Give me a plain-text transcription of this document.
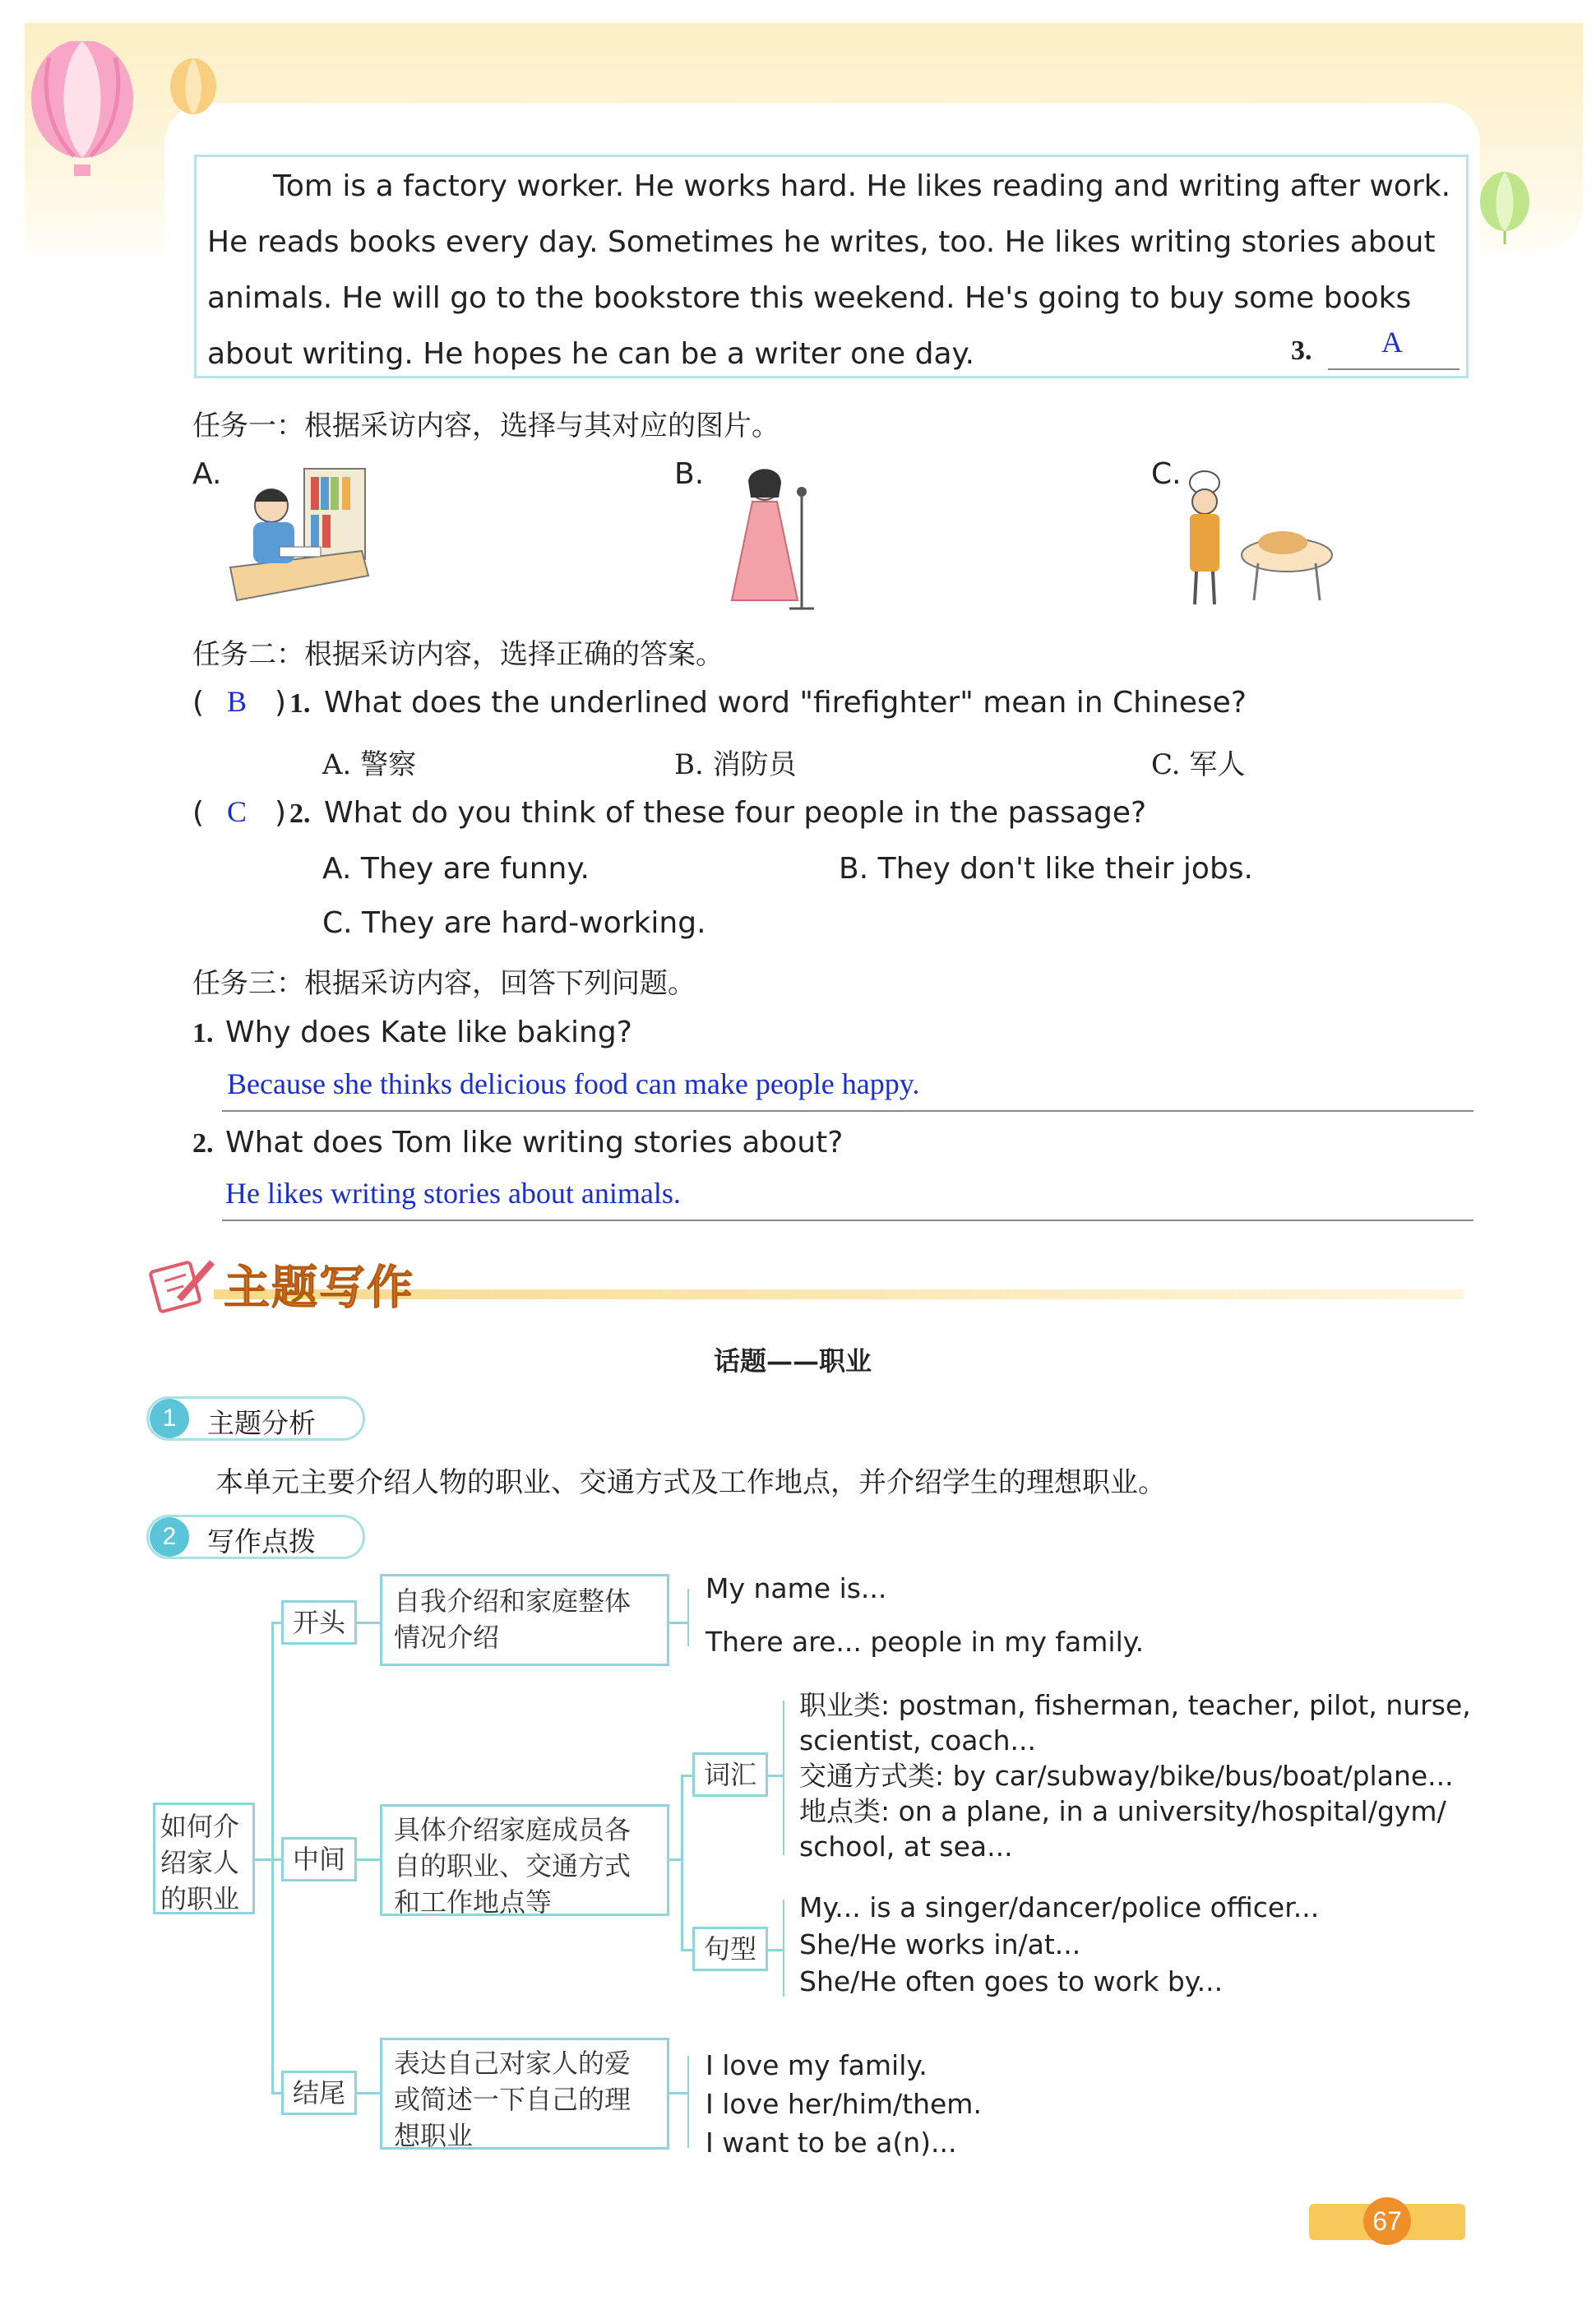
Tom is a factory worker. He works hard. He likes reading and writing after work.
He reads books every day. Sometimes he writes, too. He likes writing stories about
animals. He will go to the bookstore this weekend. He's going to buy some books
about writing. He hopes he can be a writer one day.	3. A
任务一：根据采访内容，选择与其对应的图片。
A.	B.	C.
任务二：根据采访内容，选择正确的答案。
( B ) 1. What does the underlined word "firefighter" mean in Chinese?
A. 警察	B. 消防员	C. 军人
( C ) 2. What do you think of these four people in the passage?
A. They are funny.	B. They don't like their jobs.
C. They are hard-working.
任务三：根据采访内容，回答下列问题。
1. Why does Kate like baking?
Because she thinks delicious food can make people happy.
2. What does Tom like writing stories about?
He likes writing stories about animals.
主题写作
话题——职业
1	主题分析
本单元主要介绍人物的职业、交通方式及工作地点，并介绍学生的理想职业。
2	写作点拨
如何介
绍家人
的职业
开头
自我介绍和家庭整体
情况介绍
My name is...
There are... people in my family.
中间
具体介绍家庭成员各
自的职业、交通方式
和工作地点等
词汇
职业类: postman, fisherman, teacher, pilot, nurse,
scientist, coach...
交通方式类: by car/subway/bike/bus/boat/plane...
地点类: on a plane, in a university/hospital/gym/
school, at sea...
句型
My... is a singer/dancer/police officer...
She/He works in/at...
She/He often goes to work by...
结尾
表达自己对家人的爱
或简述一下自己的理
想职业
I love my family.
I love her/him/them.
I want to be a(n)...
67
